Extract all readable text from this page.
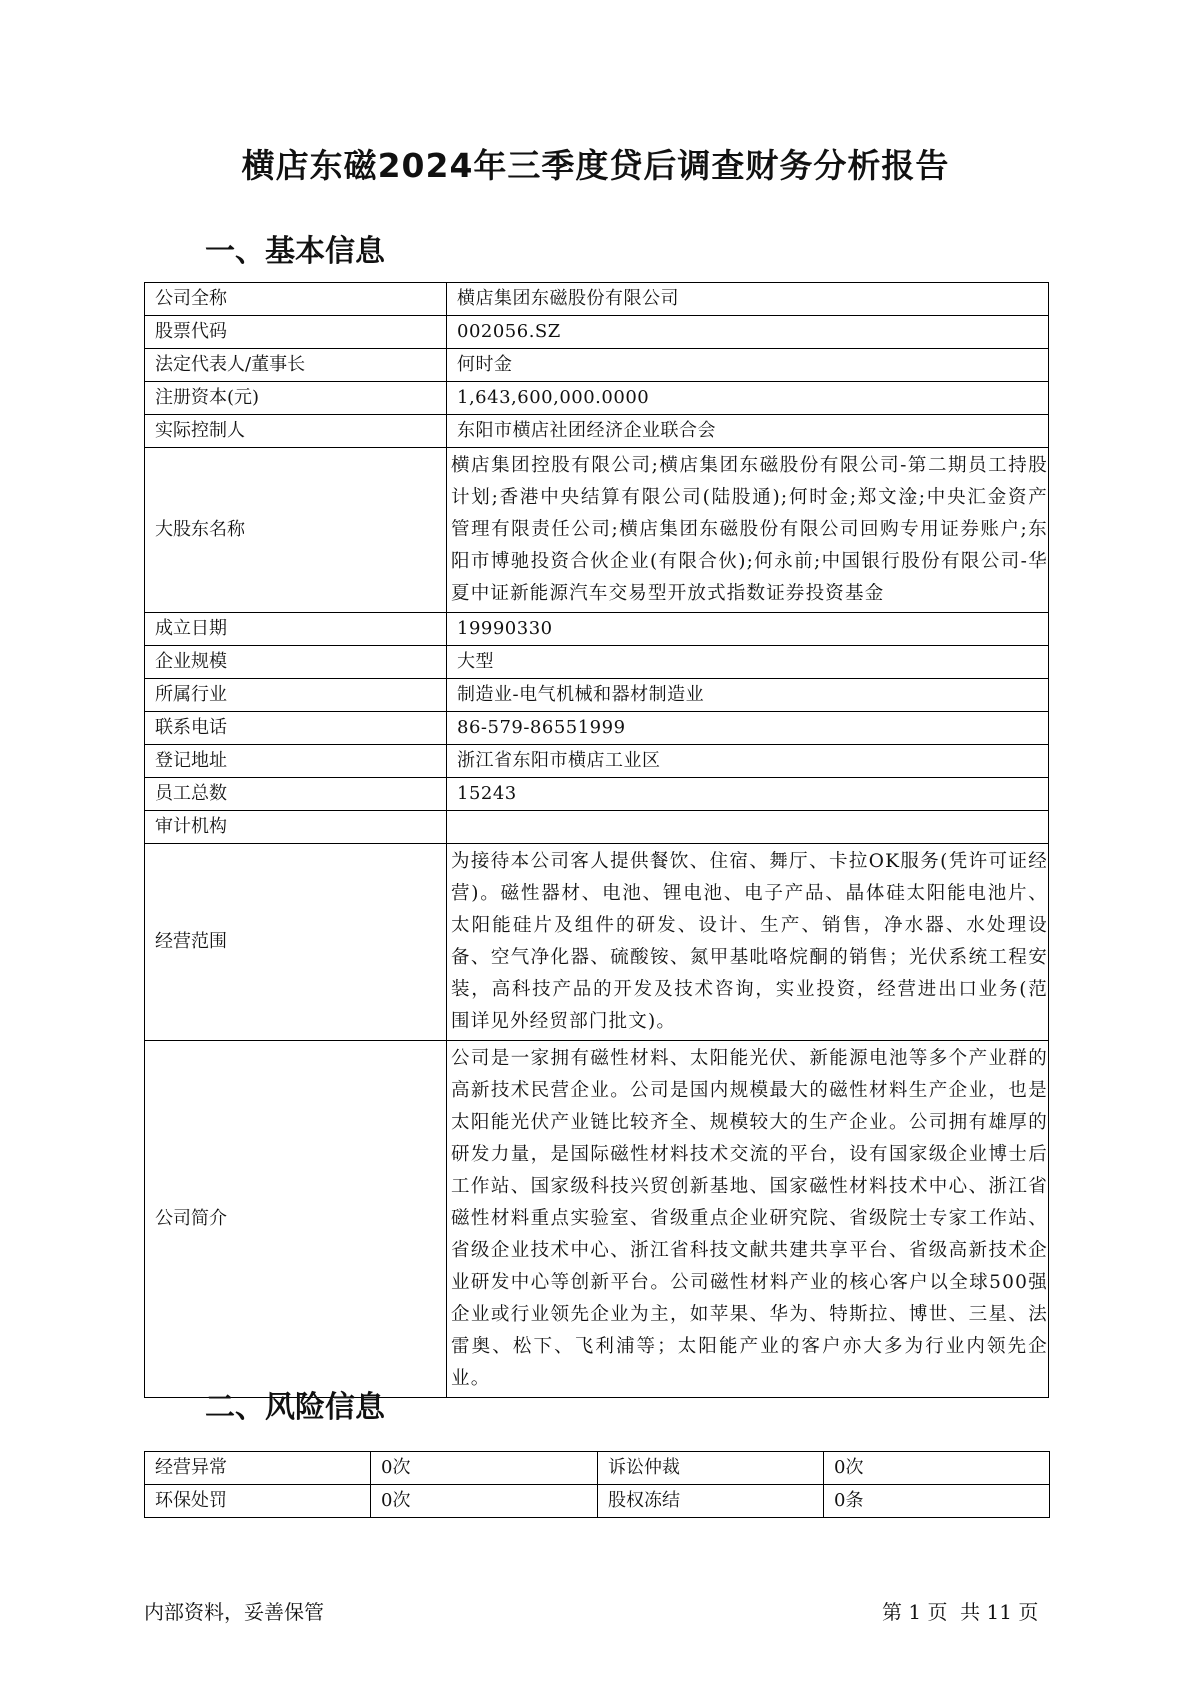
横店东磁2024年三季度贷后调查财务分析报告
一、基本信息
公司全称	横店集团东磁股份有限公司
股票代码	002056.SZ
法定代表人/董事长	何时金
注册资本(元)	1,643,600,000.0000
实际控制人	东阳市横店社团经济企业联合会
大股东名称	横店集团控股有限公司;横店集团东磁股份有限公司-第二期员工持股计划;香港中央结算有限公司(陆股通);何时金;郑文淦;中央汇金资产管理有限责任公司;横店集团东磁股份有限公司回购专用证券账户;东阳市博驰投资合伙企业(有限合伙);何永前;中国银行股份有限公司-华夏中证新能源汽车交易型开放式指数证券投资基金
成立日期	19990330
企业规模	大型
所属行业	制造业-电气机械和器材制造业
联系电话	86-579-86551999
登记地址	浙江省东阳市横店工业区
员工总数	15243
审计机构	
经营范围	为接待本公司客人提供餐饮、住宿、舞厅、卡拉OK服务(凭许可证经营)。磁性器材、电池、锂电池、电子产品、晶体硅太阳能电池片、太阳能硅片及组件的研发、设计、生产、销售，净水器、水处理设备、空气净化器、硫酸铵、氮甲基吡咯烷酮的销售；光伏系统工程安装，高科技产品的开发及技术咨询，实业投资，经营进出口业务(范围详见外经贸部门批文)。
公司简介	公司是一家拥有磁性材料、太阳能光伏、新能源电池等多个产业群的高新技术民营企业。公司是国内规模最大的磁性材料生产企业，也是太阳能光伏产业链比较齐全、规模较大的生产企业。公司拥有雄厚的研发力量，是国际磁性材料技术交流的平台，设有国家级企业博士后工作站、国家级科技兴贸创新基地、国家磁性材料技术中心、浙江省磁性材料重点实验室、省级重点企业研究院、省级院士专家工作站、省级企业技术中心、浙江省科技文献共建共享平台、省级高新技术企业研发中心等创新平台。公司磁性材料产业的核心客户以全球500强企业或行业领先企业为主，如苹果、华为、特斯拉、博世、三星、法雷奥、松下、飞利浦等；太阳能产业的客户亦大多为行业内领先企业。
二、风险信息
经营异常	0次	诉讼仲裁	0次
环保处罚	0次	股权冻结	0条
内部资料，妥善保管	第 1 页  共 11 页
